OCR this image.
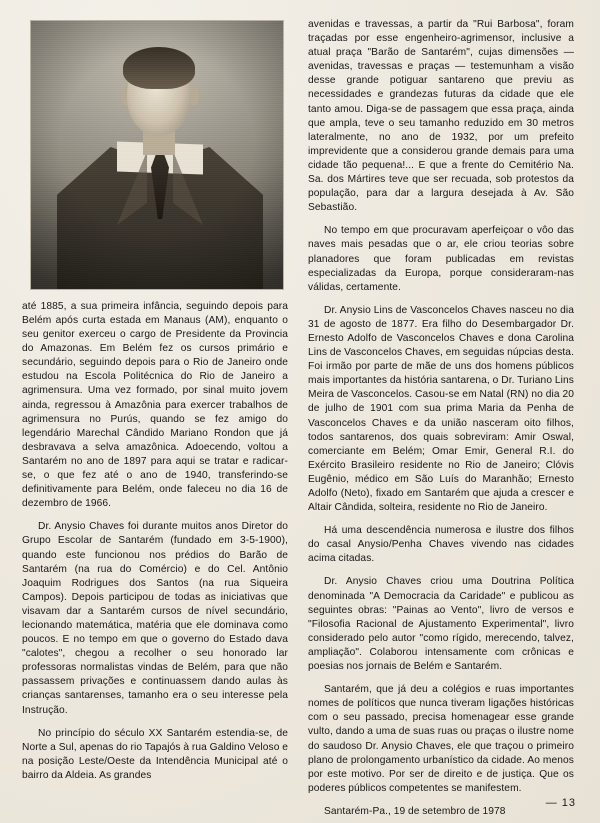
até 1885, a sua primeira infância, seguindo depois para Belém após curta estada em Manaus (AM), enquanto o seu genitor exerceu o cargo de Presidente da Provincia do Amazonas. Em Belém fez os cursos primário e secundário, seguindo depois para o Rio de Janeiro onde estudou na Escola Politécnica do Rio de Janeiro a agrimensura. Uma vez formado, por sinal muito jovem ainda, regressou à Amazônia para exercer trabalhos de agrimensura no Purús, quando se fez amigo do legendário Marechal Cândido Mariano Rondon que já desbravava a selva amazônica. Adoecendo, voltou a Santarém no ano de 1897 para aqui se tratar e radicar-se, o que fez até o ano de 1940, transferindo-se definitivamente para Belém, onde faleceu no dia 16 de dezembro de 1966.

Dr. Anysio Chaves foi durante muitos anos Diretor do Grupo Escolar de Santarém (fundado em 3-5-1900), quando este funcionou nos prédios do Barão de Santarém (na rua do Comércio) e do Cel. Antônio Joaquim Rodrigues dos Santos (na rua Siqueira Campos). Depois participou de todas as iniciativas que visavam dar a Santarém cursos de nível secundário, lecionando matemática, matéria que ele dominava como poucos. E no tempo em que o governo do Estado dava "calotes", chegou a recolher o seu honorado lar professoras normalistas vindas de Belém, para que não passassem privações e continuassem dando aulas às crianças santarenses, tamanho era o seu interesse pela Instrução.

No princípio do século XX Santarém estendia-se, de Norte a Sul, apenas do rio Tapajós à rua Galdino Veloso e na posição Leste/Oeste da Intendência Municipal até o bairro da Aldeia. As grandes

avenidas e travessas, a partir da "Rui Barbosa", foram traçadas por esse engenheiro-agrimensor, inclusive a atual praça "Barão de Santarém", cujas dimensões — avenidas, travessas e praças — testemunham a visão desse grande potiguar santareno que previu as necessidades e grandezas futuras da cidade que ele tanto amou. Diga-se de passagem que essa praça, ainda que ampla, teve o seu tamanho reduzido em 30 metros lateralmente, no ano de 1932, por um prefeito imprevidente que a considerou grande demais para uma cidade tão pequena!... E que a frente do Cemitério Na. Sa. dos Mártires teve que ser recuada, sob protestos da população, para dar a largura desejada à Av. São Sebastião.

No tempo em que procuravam aperfeiçoar o vôo das naves mais pesadas que o ar, ele criou teorias sobre planadores que foram publicadas em revistas especializadas da Europa, porque consideraram-nas válidas, certamente.

Dr. Anysio Lins de Vasconcelos Chaves nasceu no dia 31 de agosto de 1877. Era filho do Desembargador Dr. Ernesto Adolfo de Vasconcelos Chaves e dona Carolina Lins de Vasconcelos Chaves, em seguidas núpcias desta. Foi irmão por parte de mãe de uns dos homens públicos mais importantes da história santarena, o Dr. Turiano Lins Meira de Vasconcelos. Casou-se em Natal (RN) no dia 20 de julho de 1901 com sua prima Maria da Penha de Vasconcelos Chaves e da união nasceram oito filhos, todos santarenos, dos quais sobreviram: Amir Oswal, comerciante em Belém; Omar Emir, General R.I. do Exército Brasileiro residente no Rio de Janeiro; Clóvis Eugênio, médico em São Luís do Maranhão; Ernesto Adolfo (Neto), fixado em Santarém que ajuda a crescer e Altair Cândida, solteira, residente no Rio de Janeiro.

Há uma descendência numerosa e ilustre dos filhos do casal Anysio/Penha Chaves vivendo nas cidades acima citadas.

Dr. Anysio Chaves criou uma Doutrina Política denominada "A Democracia da Caridade" e publicou as seguintes obras: "Painas ao Vento", livro de versos e "Filosofia Racional de Ajustamento Experimental", livro considerado pelo autor "como rígido, merecendo, talvez, ampliação". Colaborou intensamente com crônicas e poesias nos jornais de Belém e Santarém.

Santarém, que já deu a colégios e ruas importantes nomes de políticos que nunca tiveram ligações históricas com o seu passado, precisa homenagear esse grande vulto, dando a uma de suas ruas ou praças o ilustre nome do saudoso Dr. Anysio Chaves, ele que traçou o primeiro plano de prolongamento urbanístico da cidade. Ao menos por este motivo. Por ser de direito e de justiça. Que os poderes públicos competentes se manifestem.

Santarém-Pa., 19 de setembro de 1978

— 13
